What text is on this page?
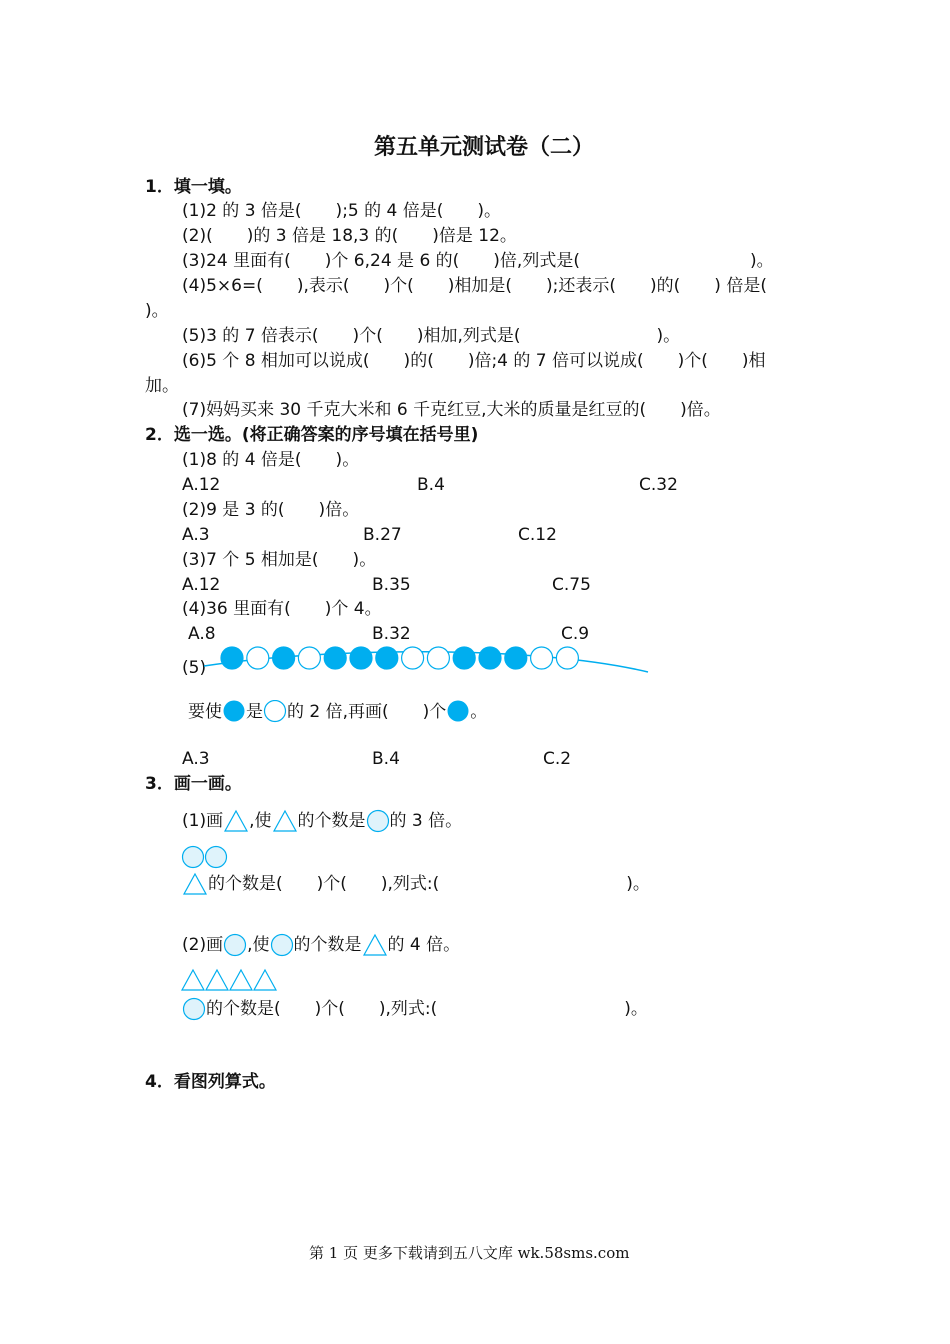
第五单元测试卷（二）
1．填一填。
(1)2 的 3 倍是(　　);5 的 4 倍是(　　)。
(2)(　　)的 3 倍是 18,3 的(　　)倍是 12。
(3)24 里面有(　　)个 6,24 是 6 的(　　)倍,列式是(　　　　　　　　　　)。
(4)5×6=(　　),表示(　　)个(　　)相加是(　　);还表示(　　)的(　　) 倍是(
)。
(5)3 的 7 倍表示(　　)个(　　)相加,列式是(　　　　　　　　)。
(6)5 个 8 相加可以说成(　　)的(　　)倍;4 的 7 倍可以说成(　　)个(　　)相
加。
(7)妈妈买来 30 千克大米和 6 千克红豆,大米的质量是红豆的(　　)倍。
2．选一选。(将正确答案的序号填在括号里)
(1)8 的 4 倍是(　　)。
A.12	B.4	C.32
(2)9 是 3 的(　　)倍。
A.3	B.27	C.12
(3)7 个 5 相加是(　　)。
A.12	B.35	C.75
(4)36 里面有(　　)个 4。
A.8	B.32	C.9
(5)
要使 是 的 2 倍,再画(　　)个 。
A.3	B.4	C.2
3．画一画。
(1)画 ,使 的个数是 的 3 倍。
的个数是(　　)个(　　),列式:(　　　　　　　　　　　)。
(2)画 ,使 的个数是 的 4 倍。
的个数是(　　)个(　　),列式:(　　　　　　　　　　　)。
4．看图列算式。
第 1 页 更多下载请到五八文库 wk.58sms.com
